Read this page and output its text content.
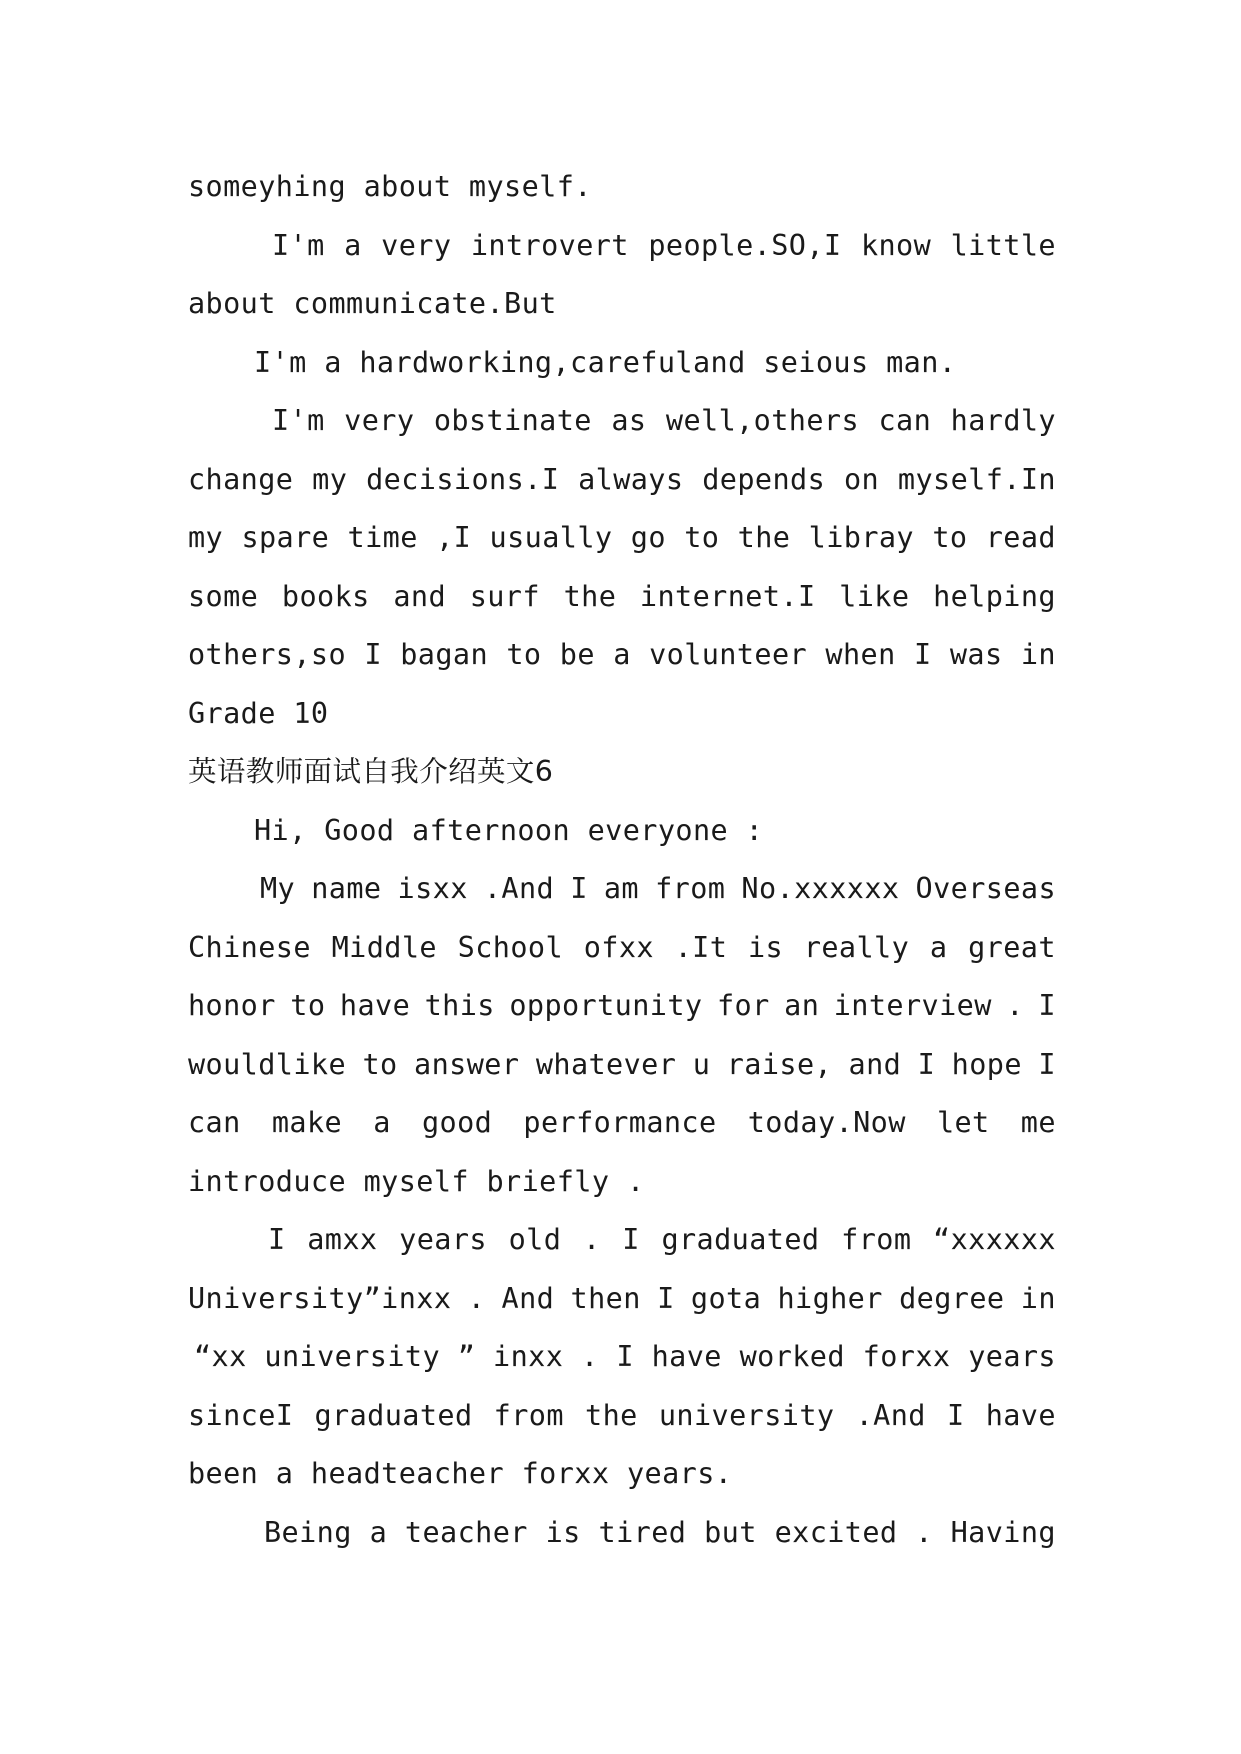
someyhing about myself.
I'm a very introvert people.SO,I know little
about communicate.But
I'm a hardworking,carefuland seious man.
I'm very obstinate as well,others can hardly
change my decisions.I always depends on myself.In
my spare time ,I usually go to the libray to read
some books and surf the internet.I like helping
others,so I bagan to be a volunteer when I was in
Grade 10
英语教师面试自我介绍英文6
Hi, Good afternoon everyone :
My name isxx .And I am from No.xxxxxx Overseas
Chinese Middle School ofxx .It is really a great
honor to have this opportunity for an interview . I
wouldlike to answer whatever u raise, and I hope I
can make a good performance today.Now let me
introduce myself briefly .
I amxx years old . I graduated from “xxxxxx
University”inxx . And then I gota higher degree in
“xx university ” inxx . I have worked forxx years
sinceI graduated from the university .And I have
been a headteacher forxx years.
Being a teacher is tired but excited . Having
